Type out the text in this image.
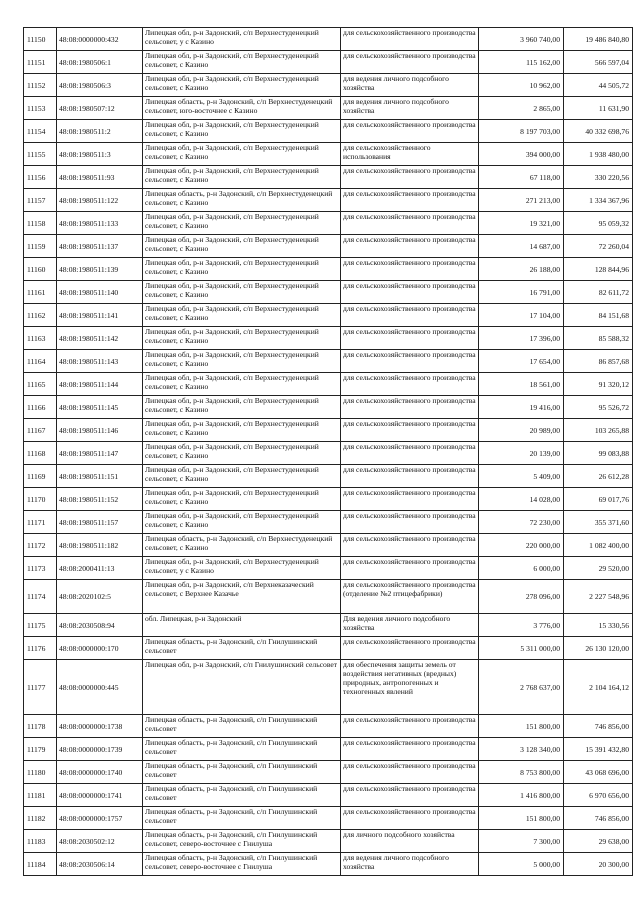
11150	48:08:0000000:432	Липецкая обл, р-н Задонский, с/п Верхнестуденецкий сельсовет, у с Казино	для сельскохозяйственного производства	3 960 740,00	19 486 840,80
11151	48:08:1980506:1	Липецкая обл, р-н Задонский, с/п Верхнестуденецкий сельсовет, с Казино	для сельскохозяйственного производства	115 162,00	566 597,04
11152	48:08:1980506:3	Липецкая обл, р-н Задонский, с/п Верхнестуденецкий сельсовет, с Казино	для ведения личного подсобного хозяйства	10 962,00	44 505,72
11153	48:08:1980507:12	Липецкая область, р-н Задонский, с/п Верхнестуденецкий сельсовет, юго-восточнее с Казино	для ведения личного подсобного хозяйства	2 865,00	11 631,90
11154	48:08:1980511:2	Липецкая обл, р-н Задонский, с/п Верхнестуденецкий сельсовет, с Казино	для сельскохозяйственного производства	8 197 703,00	40 332 698,76
11155	48:08:1980511:3	Липецкая обл, р-н Задонский, с/п Верхнестуденецкий сельсовет, с Казино	для сельскохозяйственного использования	394 000,00	1 938 480,00
11156	48:08:1980511:93	Липецкая обл, р-н Задонский, с/п Верхнестуденецкий сельсовет, с Казино	для сельскохозяйственного производства	67 118,00	330 220,56
11157	48:08:1980511:122	Липецкая область, р-н Задонский, с/п Верхнестуденецкий сельсовет, с Казино	для сельскохозяйственного производства	271 213,00	1 334 367,96
11158	48:08:1980511:133	Липецкая обл, р-н Задонский, с/п Верхнестуденецкий сельсовет, с Казино	для сельскохозяйственного производства	19 321,00	95 059,32
11159	48:08:1980511:137	Липецкая обл, р-н Задонский, с/п Верхнестуденецкий сельсовет, с Казино	для сельскохозяйственного производства	14 687,00	72 260,04
11160	48:08:1980511:139	Липецкая обл, р-н Задонский, с/п Верхнестуденецкий сельсовет, с Казино	для сельскохозяйственного производства	26 188,00	128 844,96
11161	48:08:1980511:140	Липецкая обл, р-н Задонский, с/п Верхнестуденецкий сельсовет, с Казино	для сельскохозяйственного производства	16 791,00	82 611,72
11162	48:08:1980511:141	Липецкая обл, р-н Задонский, с/п Верхнестуденецкий сельсовет, с Казино	для сельскохозяйственного производства	17 104,00	84 151,68
11163	48:08:1980511:142	Липецкая обл, р-н Задонский, с/п Верхнестуденецкий сельсовет, с Казино	для сельскохозяйственного производства	17 396,00	85 588,32
11164	48:08:1980511:143	Липецкая обл, р-н Задонский, с/п Верхнестуденецкий сельсовет, с Казино	для сельскохозяйственного производства	17 654,00	86 857,68
11165	48:08:1980511:144	Липецкая обл, р-н Задонский, с/п Верхнестуденецкий сельсовет, с Казино	для сельскохозяйственного производства	18 561,00	91 320,12
11166	48:08:1980511:145	Липецкая обл, р-н Задонский, с/п Верхнестуденецкий сельсовет, с Казино	для сельскохозяйственного производства	19 416,00	95 526,72
11167	48:08:1980511:146	Липецкая обл, р-н Задонский, с/п Верхнестуденецкий сельсовет, с Казино	для сельскохозяйственного производства	20 989,00	103 265,88
11168	48:08:1980511:147	Липецкая обл, р-н Задонский, с/п Верхнестуденецкий сельсовет, с Казино	для сельскохозяйственного производства	20 139,00	99 083,88
11169	48:08:1980511:151	Липецкая обл, р-н Задонский, с/п Верхнестуденецкий сельсовет, с Казино	для сельскохозяйственного производства	5 409,00	26 612,28
11170	48:08:1980511:152	Липецкая обл, р-н Задонский, с/п Верхнестуденецкий сельсовет, с Казино	для сельскохозяйственного производства	14 028,00	69 017,76
11171	48:08:1980511:157	Липецкая обл, р-н Задонский, с/п Верхнестуденецкий сельсовет, с Казино	для сельскохозяйственного производства	72 230,00	355 371,60
11172	48:08:1980511:182	Липецкая область, р-н Задонский, с/п Верхнестуденецкий сельсовет, с Казино	для сельскохозяйственного производства	220 000,00	1 082 400,00
11173	48:08:2000411:13	Липецкая обл, р-н Задонский, с/п Верхнестуденецкий сельсовет, у с Казино	для сельскохозяйственного производства	6 000,00	29 520,00
11174	48:08:2020102:5	Липецкая обл, р-н Задонский, с/п Верхнеказаческий сельсовет, с Верхнее Казачье	для сельскохозяйственного производства (отделение №2 птицефабрики)	278 096,00	2 227 548,96
11175	48:08:2030508:94	обл. Липецкая, р-н Задонский	Для ведения личного подсобного хозяйства	3 776,00	15 330,56
11176	48:08:0000000:170	Липецкая область, р-н Задонский, с/п Гнилушинский сельсовет	для сельскохозяйственного производства	5 311 000,00	26 130 120,00
11177	48:08:0000000:445	Липецкая обл, р-н Задонский, с/п Гнилушинский сельсовет	для обеспечения защиты земель от воздействия негативных (вредных) природных, антропогенных и техногенных явлений	2 768 637,00	2 104 164,12
11178	48:08:0000000:1738	Липецкая область, р-н Задонский, с/п Гнилушинский сельсовет	для сельскохозяйственного производства	151 800,00	746 856,00
11179	48:08:0000000:1739	Липецкая область, р-н Задонский, с/п Гнилушинский сельсовет	для сельскохозяйственного производства	3 128 340,00	15 391 432,80
11180	48:08:0000000:1740	Липецкая область, р-н Задонский, с/п Гнилушинский сельсовет	для сельскохозяйственного производства	8 753 800,00	43 068 696,00
11181	48:08:0000000:1741	Липецкая область, р-н Задонский, с/п Гнилушинский сельсовет	для сельскохозяйственного производства	1 416 800,00	6 970 656,00
11182	48:08:0000000:1757	Липецкая область, р-н Задонский, с/п Гнилушинский сельсовет	для сельскохозяйственного производства	151 800,00	746 856,00
11183	48:08:2030502:12	Липецкая область, р-н Задонский, с/п Гнилушинский сельсовет, северо-восточнее с Гнилуша	для личного подсобного хозяйства	7 300,00	29 638,00
11184	48:08:2030506:14	Липецкая область, р-н Задонский, с/п Гнилушинский сельсовет, северо-восточнее с Гнилуша	для ведения личного подсобного хозяйства	5 000,00	20 300,00
